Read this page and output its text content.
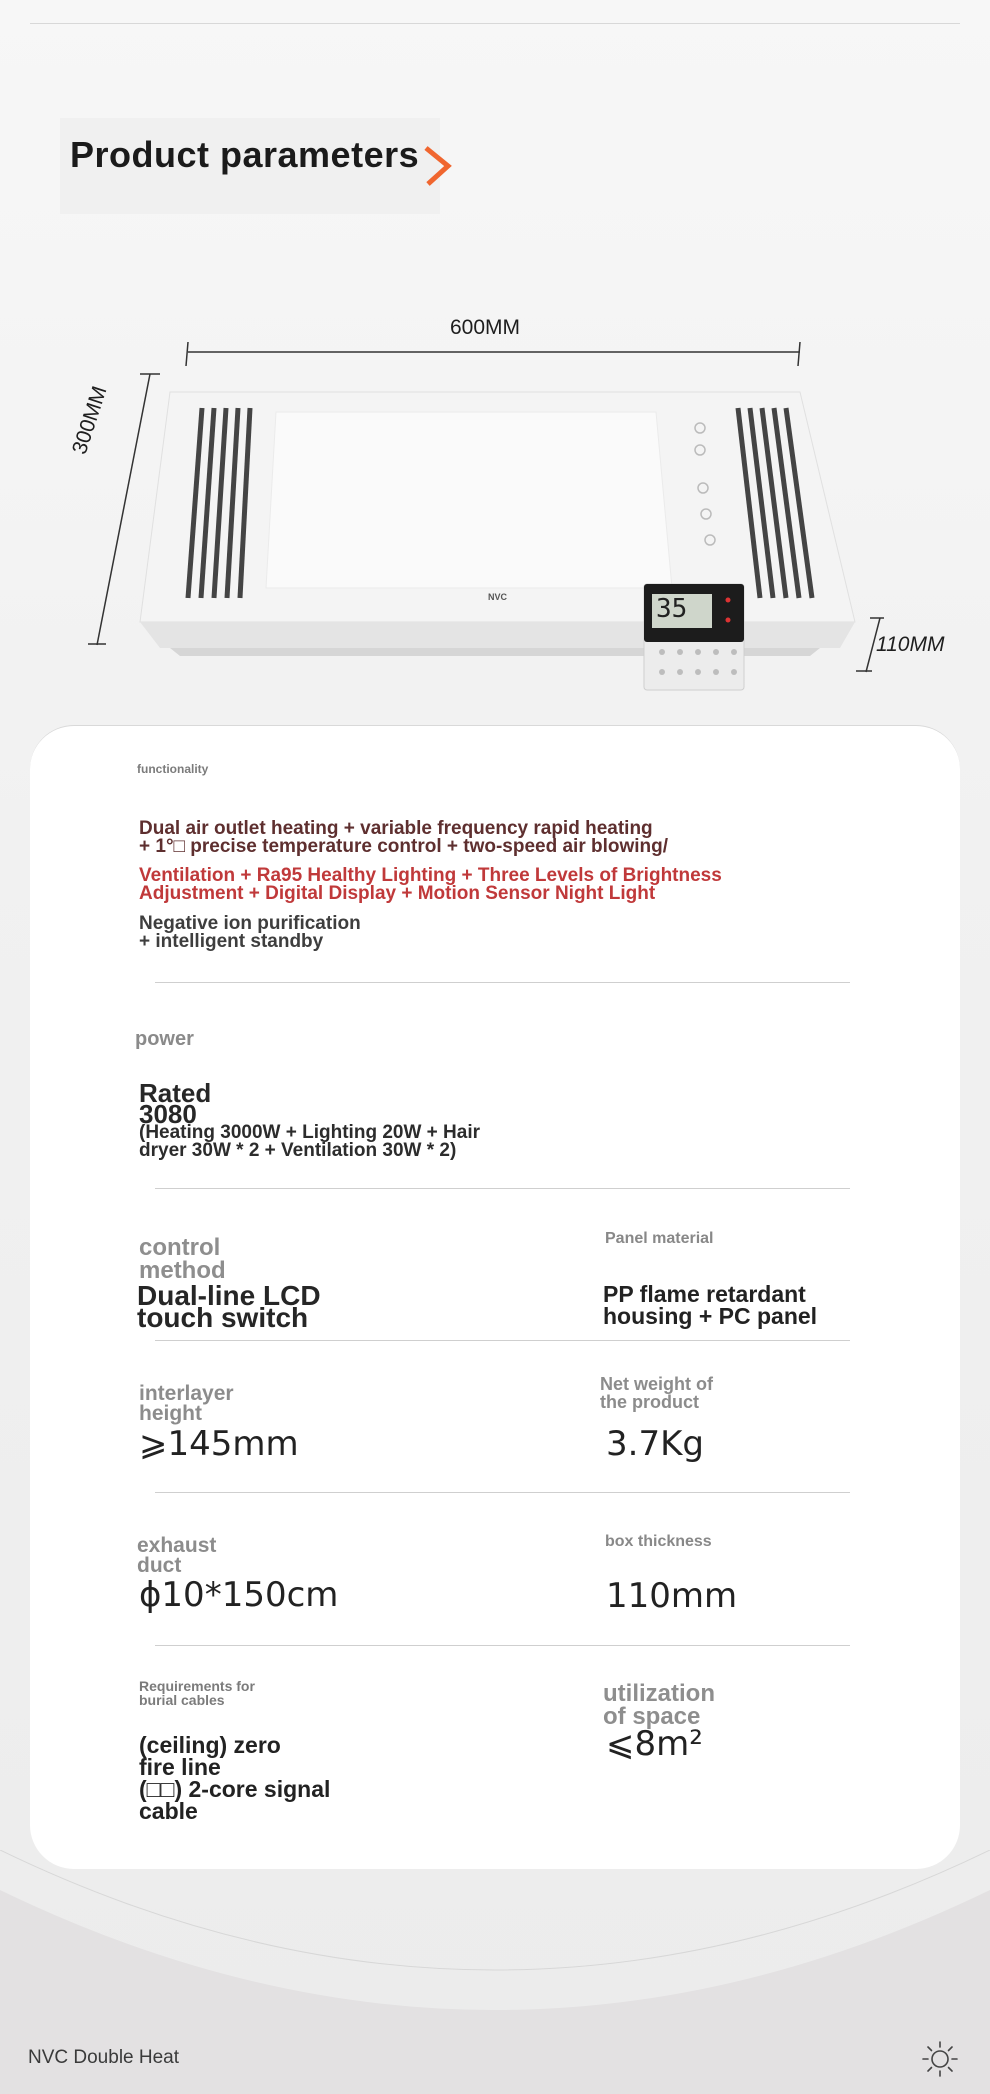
Product parameters
600MM
300MM
110MM
NVC	35
functionality
Dual air outlet heating + variable frequency rapid heating
+ 1°□ precise temperature control + two-speed air blowing/
Ventilation + Ra95 Healthy Lighting + Three Levels of Brightness
Adjustment + Digital Display + Motion Sensor Night Light
Negative ion purification
+ intelligent standby
power
Rated
3080
(Heating 3000W + Lighting 20W + Hair
dryer 30W * 2 + Ventilation 30W * 2)
control
method
Dual-line LCD
touch switch
Panel material
PP flame retardant
housing + PC panel
interlayer
height
⩾145mm
Net weight of
the product
3.7Kg
exhaust
duct
ϕ10*150cm
box thickness
110mm
Requirements for
burial cables
(ceiling) zero
fire line
(□□) 2-core signal
cable
utilization
of space
⩽8m²
NVC Double Heat
